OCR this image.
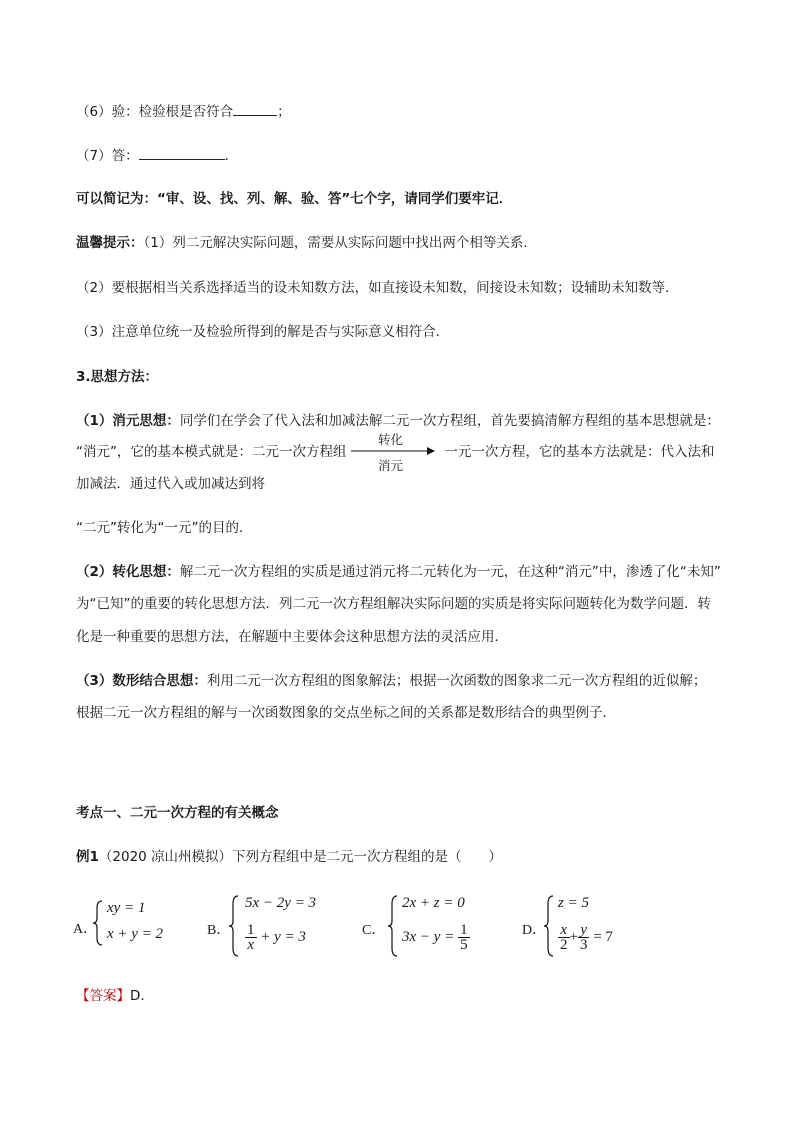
（6）验：检验根是否符合	；
（7）答：	．
可以简记为：“审、设、找、列、解、验、答”七个字，请同学们要牢记．
温馨提示：（1）列二元解决实际问题，需要从实际问题中找出两个相等关系．
（2）要根据相当关系选择适当的设未知数方法，如直接设未知数，间接设未知数；设辅助未知数等．
（3）注意单位统一及检验所得到的解是否与实际意义相符合．
3.思想方法：
（1）消元思想：同学们在学会了代入法和加减法解二元一次方程组，首先要搞清解方程组的基本思想就是：
“消元”，它的基本模式就是：二元一次方程组
转化
消元
一元一次方程，它的基本方法就是：代入法和
加减法．通过代入或加减达到将
“二元”转化为“一元”的目的．
（2）转化思想：解二元一次方程组的实质是通过消元将二元转化为一元，在这种“消元”中，渗透了化“未知”
为“已知”的重要的转化思想方法．列二元一次方程组解决实际问题的实质是将实际问题转化为数学问题．转
化是一种重要的思想方法，在解题中主要体会这种思想方法的灵活应用．
（3）数形结合思想：利用二元一次方程组的图象解法；根据一次函数的图象求二元一次方程组的近似解；
根据二元一次方程组的解与一次函数图象的交点坐标之间的关系都是数形结合的典型例子．
考点一、二元一次方程的有关概念
例1（2020 凉山州模拟）下列方程组中是二元一次方程组的是（　　）
A．
xy = 1
x + y = 2	B．
5x − 2y = 3
$\frac{1}{x} + y = 3$	C．
2x + z = 0
$3x - y = \frac{1}{5}$	D．
z = 5
$\frac{x}{2} + \frac{y}{3} = 7$
【答案】D.
